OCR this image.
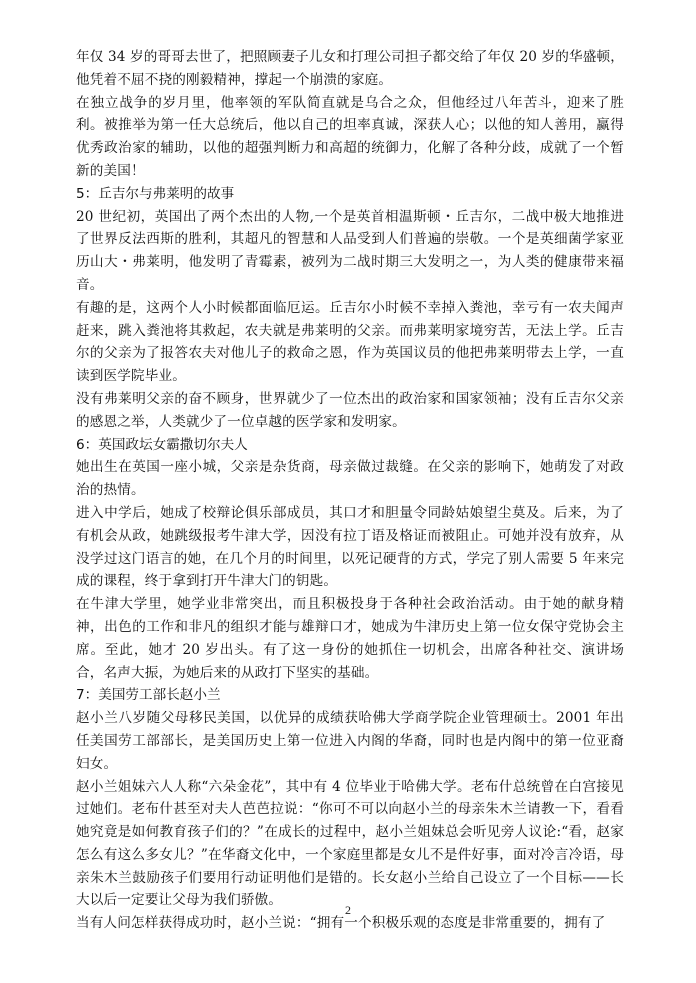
年仅 34 岁的哥哥去世了，把照顾妻子儿女和打理公司担子都交给了年仅 20 岁的华盛顿，他凭着不屈不挠的刚毅精神，撑起一个崩溃的家庭。

在独立战争的岁月里，他率领的军队简直就是乌合之众，但他经过八年苦斗，迎来了胜利。被推举为第一任大总统后，他以自己的坦率真诚，深获人心；以他的知人善用，赢得优秀政治家的辅助，以他的超强判断力和高超的统御力，化解了各种分歧，成就了一个暂新的美国！

5：丘吉尔与弗莱明的故事

20 世纪初，英国出了两个杰出的人物,一个是英首相温斯顿・丘吉尔，二战中极大地推进了世界反法西斯的胜利，其超凡的智慧和人品受到人们普遍的崇敬。一个是英细菌学家亚历山大・弗莱明，他发明了青霉素，被列为二战时期三大发明之一，为人类的健康带来福音。

有趣的是，这两个人小时候都面临厄运。丘吉尔小时候不幸掉入粪池，幸亏有一农夫闻声赶来，跳入粪池将其救起，农夫就是弗莱明的父亲。而弗莱明家境穷苦，无法上学。丘吉尔的父亲为了报答农夫对他儿子的救命之恩，作为英国议员的他把弗莱明带去上学，一直读到医学院毕业。

没有弗莱明父亲的奋不顾身，世界就少了一位杰出的政治家和国家领袖；没有丘吉尔父亲的感恩之举，人类就少了一位卓越的医学家和发明家。

6：英国政坛女霸撒切尔夫人

她出生在英国一座小城，父亲是杂货商，母亲做过裁缝。在父亲的影响下，她萌发了对政治的热情。

进入中学后，她成了校辩论俱乐部成员，其口才和胆量令同龄姑娘望尘莫及。后来，为了有机会从政，她跳级报考牛津大学，因没有拉丁语及格证而被阻止。可她并没有放弃，从没学过这门语言的她，在几个月的时间里，以死记硬背的方式，学完了别人需要 5 年来完成的课程，终于拿到打开牛津大门的钥匙。

在牛津大学里，她学业非常突出，而且积极投身于各种社会政治活动。由于她的献身精神，出色的工作和非凡的组织才能与雄辩口才，她成为牛津历史上第一位女保守党协会主席。至此，她才 20 岁出头。有了这一身份的她抓住一切机会，出席各种社交、演讲场合，名声大振，为她后来的从政打下坚实的基础。

7：美国劳工部长赵小兰

赵小兰八岁随父母移民美国，以优异的成绩获哈佛大学商学院企业管理硕士。2001 年出任美国劳工部部长，是美国历史上第一位进入内阁的华裔，同时也是内阁中的第一位亚裔妇女。

赵小兰姐妹六人人称“六朵金花”，其中有 4 位毕业于哈佛大学。老布什总统曾在白宫接见过她们。老布什甚至对夫人芭芭拉说：“你可不可以向赵小兰的母亲朱木兰请教一下，看看她究竟是如何教育孩子们的？”在成长的过程中，赵小兰姐妹总会听见旁人议论:“看，赵家怎么有这么多女儿？”在华裔文化中，一个家庭里都是女儿不是件好事，面对冷言冷语，母亲朱木兰鼓励孩子们要用行动证明他们是错的。长女赵小兰给自己设立了一个目标——长大以后一定要让父母为我们骄傲。

当有人问怎样获得成功时，赵小兰说：“拥有一个积极乐观的态度是非常重要的，拥有了

2
